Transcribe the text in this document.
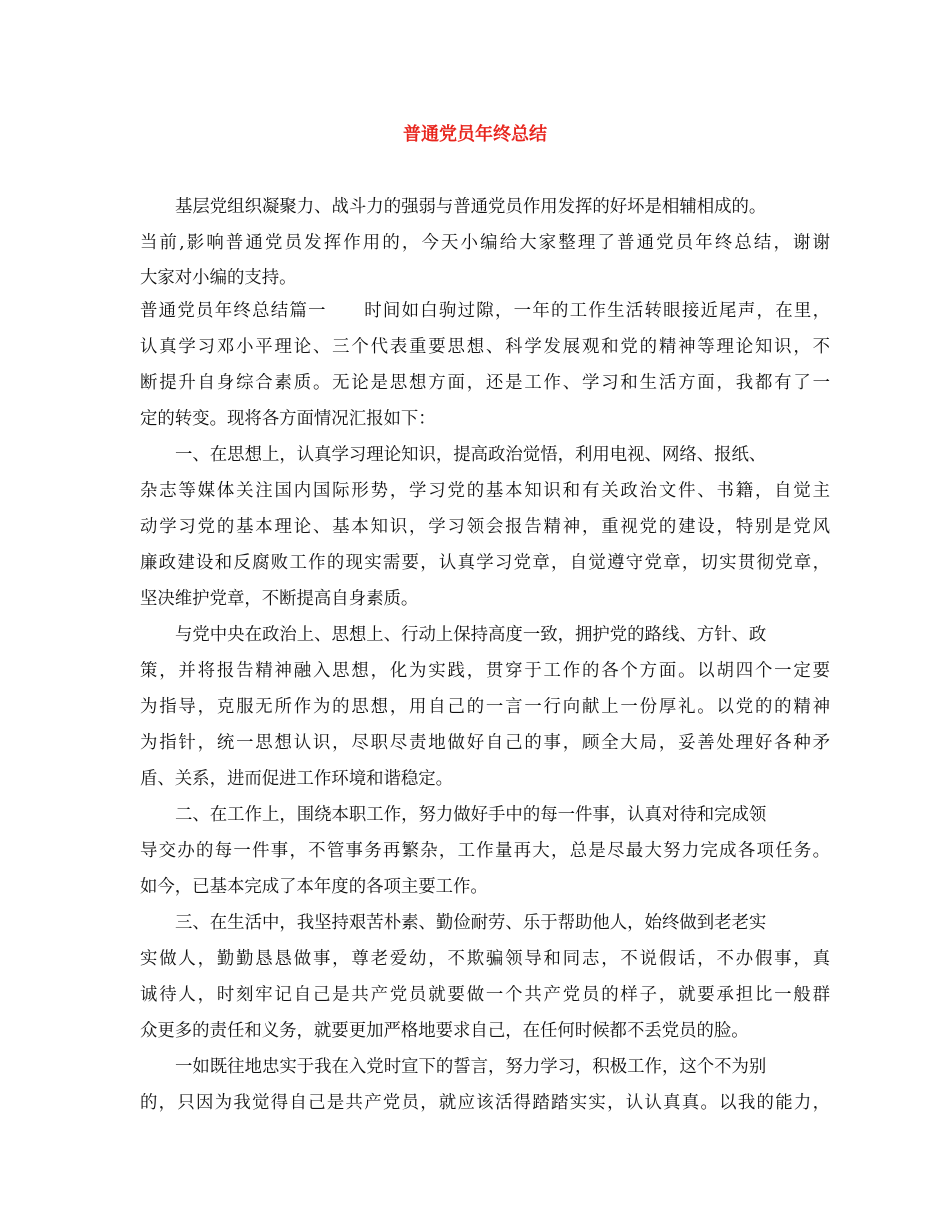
普通党员年终总结

基层党组织凝聚力、战斗力的强弱与普通党员作用发挥的好坏是相辅相成的。

当前,影响普通党员发挥作用的，今天小编给大家整理了普通党员年终总结，谢谢

大家对小编的支持。

普通党员年终总结篇一　　时间如白驹过隙，一年的工作生活转眼接近尾声，在里，

认真学习邓小平理论、三个代表重要思想、科学发展观和党的精神等理论知识，不

断提升自身综合素质。无论是思想方面，还是工作、学习和生活方面，我都有了一

定的转变。现将各方面情况汇报如下：

一、在思想上，认真学习理论知识，提高政治觉悟，利用电视、网络、报纸、

杂志等媒体关注国内国际形势，学习党的基本知识和有关政治文件、书籍，自觉主

动学习党的基本理论、基本知识，学习领会报告精神，重视党的建设，特别是党风

廉政建设和反腐败工作的现实需要，认真学习党章，自觉遵守党章，切实贯彻党章，

坚决维护党章，不断提高自身素质。

与党中央在政治上、思想上、行动上保持高度一致，拥护党的路线、方针、政

策，并将报告精神融入思想，化为实践，贯穿于工作的各个方面。以胡四个一定要

为指导，克服无所作为的思想，用自己的一言一行向献上一份厚礼。以党的的精神

为指针，统一思想认识，尽职尽责地做好自己的事，顾全大局，妥善处理好各种矛

盾、关系，进而促进工作环境和谐稳定。

二、在工作上，围绕本职工作，努力做好手中的每一件事，认真对待和完成领

导交办的每一件事，不管事务再繁杂，工作量再大，总是尽最大努力完成各项任务。

如今，已基本完成了本年度的各项主要工作。

三、在生活中，我坚持艰苦朴素、勤俭耐劳、乐于帮助他人，始终做到老老实

实做人，勤勤恳恳做事，尊老爱幼，不欺骗领导和同志，不说假话，不办假事，真

诚待人，时刻牢记自己是共产党员就要做一个共产党员的样子，就要承担比一般群

众更多的责任和义务，就要更加严格地要求自己，在任何时候都不丢党员的脸。

一如既往地忠实于我在入党时宣下的誓言，努力学习，积极工作，这个不为别

的，只因为我觉得自己是共产党员，就应该活得踏踏实实，认认真真。以我的能力，
